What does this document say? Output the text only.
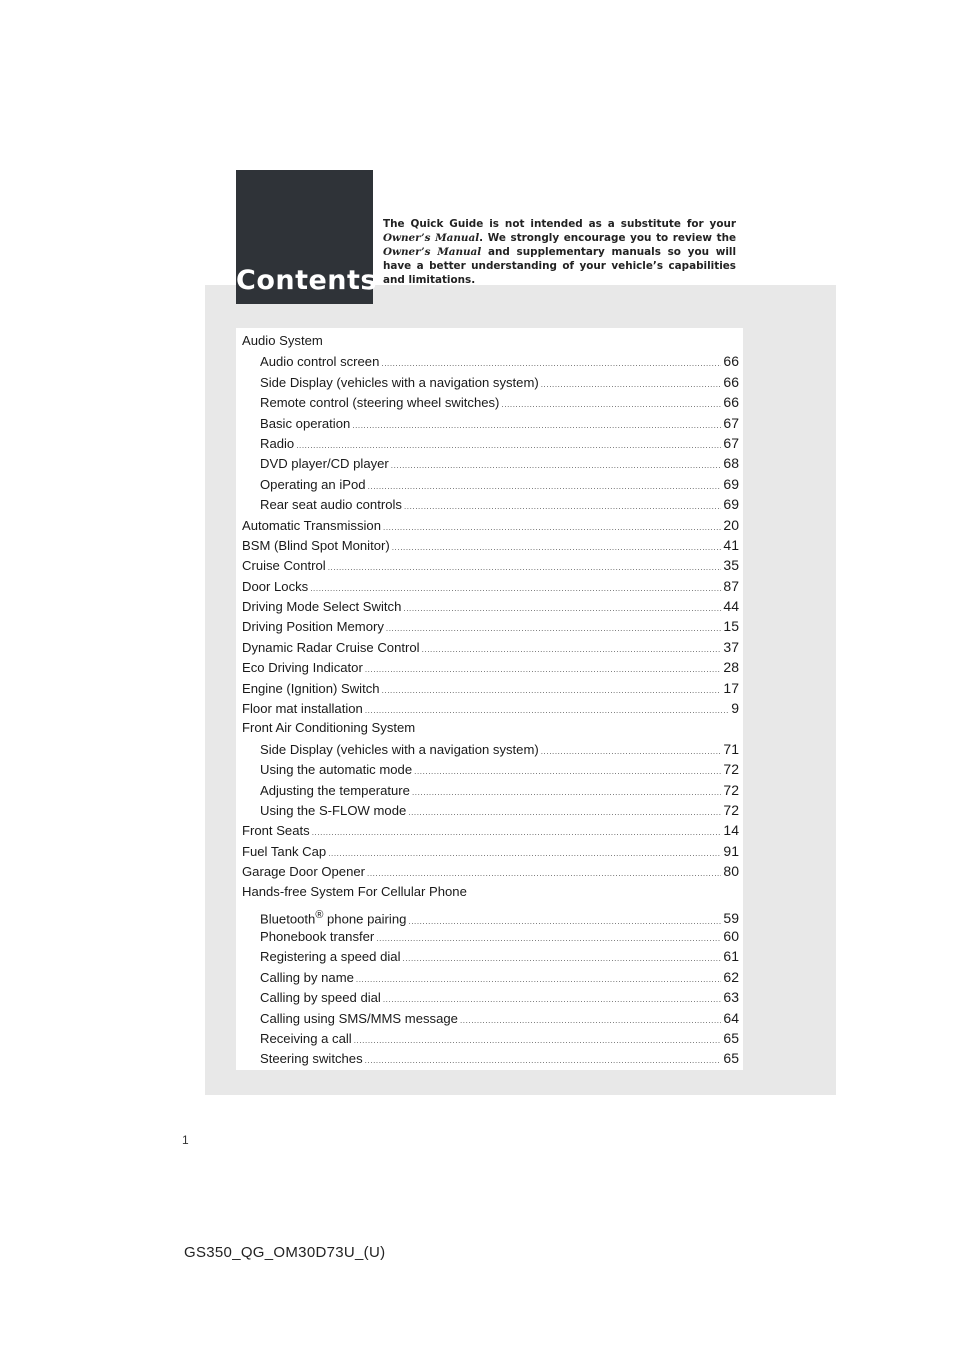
Contents
The Quick Guide is not intended as a substitute for your Owner’s Manual. We strongly encourage you to review the Owner’s Manual and supplementary manuals so you will have a better understanding of your vehicle’s capabilities and limitations.
Audio System
Audio control screen .....	66
Side Display (vehicles with a navigation system) .....	66
Remote control (steering wheel switches) .....	66
Basic operation .....	67
Radio .....	67
DVD player/CD player .....	68
Operating an iPod .....	69
Rear seat audio controls .....	69
Automatic Transmission .....	20
BSM (Blind Spot Monitor) .....	41
Cruise Control .....	35
Door Locks .....	87
Driving Mode Select Switch .....	44
Driving Position Memory .....	15
Dynamic Radar Cruise Control .....	37
Eco Driving Indicator .....	28
Engine (Ignition) Switch .....	17
Floor mat installation .....	9
Front Air Conditioning System
Side Display (vehicles with a navigation system) .....	71
Using the automatic mode .....	72
Adjusting the temperature .....	72
Using the S-FLOW mode .....	72
Front Seats .....	14
Fuel Tank Cap .....	91
Garage Door Opener .....	80
Hands-free System For Cellular Phone
Bluetooth® phone pairing .....	59
Phonebook transfer .....	60
Registering a speed dial .....	61
Calling by name .....	62
Calling by speed dial .....	63
Calling using SMS/MMS message .....	64
Receiving a call .....	65
Steering switches .....	65
1
GS350_QG_OM30D73U_(U)
